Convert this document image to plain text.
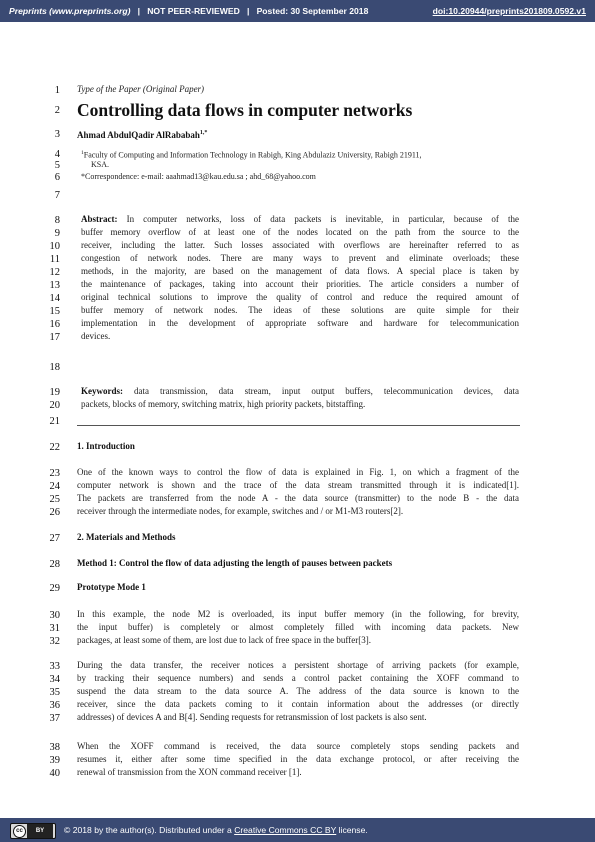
Preprints (www.preprints.org) | NOT PEER-REVIEWED | Posted: 30 September 2018	doi:10.20944/preprints201809.0592.v1
1
2
3
4
5
6
7
8
9
10
11
12
13
14
15
16
17
18
19
20
21
22
23
24
25
26
27
28
29
30
31
32
33
34
35
36
37
38
39
40
Type of the Paper (Original Paper)
Controlling data flows in computer networks
Ahmad AbdulQadir AlRababah$^{1,*}$
$^1$Faculty of Computing and Information Technology in Rabigh, King Abdulaziz University, Rabigh 21911,
KSA.
*Correspondence: e-mail: aaahmad13@kau.edu.sa ; ahd_68@yahoo.com
Abstract: In computer networks, loss of data packets is inevitable, in particular, because of the
buffer memory overflow of at least one of the nodes located on the path from the source to the
receiver, including the latter. Such losses associated with overflows are hereinafter referred to as
congestion of network nodes. There are many ways to prevent and eliminate overloads; these
methods, in the majority, are based on the management of data flows. A special place is taken by
the maintenance of packages, taking into account their priorities. The article considers a number of
original technical solutions to improve the quality of control and reduce the required amount of
buffer memory of network nodes. The ideas of these solutions are quite simple for their
implementation in the development of appropriate software and hardware for telecommunication
devices.
Keywords: data transmission, data stream, input output buffers, telecommunication devices, data
packets, blocks of memory, switching matrix, high priority packets, bitstaffing.
1. Introduction
One of the known ways to control the flow of data is explained in Fig. 1, on which a fragment of the
computer network is shown and the trace of the data stream transmitted through it is indicated[1].
The packets are transferred from the node A - the data source (transmitter) to the node B - the data
receiver through the intermediate nodes, for example, switches and / or M1-M3 routers[2].
2. Materials and Methods
Method 1: Control the flow of data adjusting the length of pauses between packets
Prototype Mode 1
In this example, the node M2 is overloaded, its input buffer memory (in the following, for brevity,
the input buffer) is completely or almost completely filled with incoming data packets. New
packages, at least some of them, are lost due to lack of free space in the buffer[3].
During the data transfer, the receiver notices a persistent shortage of arriving packets (for example,
by tracking their sequence numbers) and sends a control packet containing the XOFF command to
suspend the data stream to the data source A. The address of the data source is known to the
receiver, since the data packets coming to it contain information about the addresses (or directly
addresses) of devices A and B[4]. Sending requests for retransmission of lost packets is also sent.
When the XOFF command is received, the data source completely stops sending packets and
resumes it, either after some time specified in the data exchange protocol, or after receiving the
renewal of transmission from the XON command receiver [1].
cc	BY	© 2018 by the author(s). Distributed under a Creative Commons CC BY license.
